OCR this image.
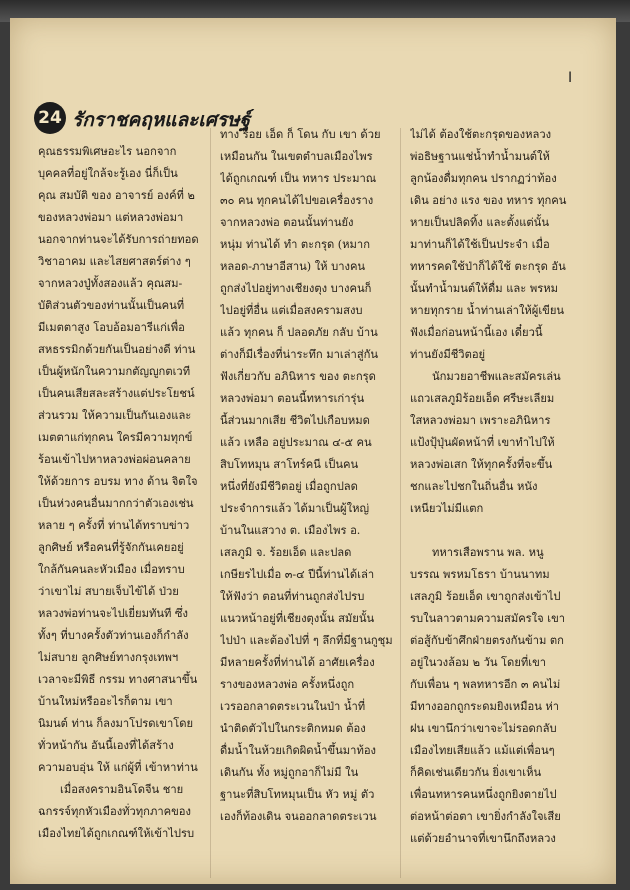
I
24 รักราชคฤหและเศรษฐ์
คุณธรรมพิเศษอะไร นอกจาก
บุคคลที่อยู่ใกล้จะรู้เอง นี่ก็เป็น
คุณ สมบัติ ของ อาจารย์ องค์ที่ ๒
ของหลวงพ่อมา แต่หลวงพ่อมา
นอกจากท่านจะได้รับการถ่ายทอด
วิชาอาคม และไสยศาสตร์ต่าง ๆ
จากหลวงปู่ทั้งสองแล้ว คุณสม-
บัติส่วนตัวของท่านนั้นเป็นคนที่
มีเมตตาสูง โอบอ้อมอารีแก่เพื่อ
สหธรรมิกด้วยกันเป็นอย่างดี ท่าน
เป็นผู้หนักในความกตัญญูกตเวที
เป็นคนเสียสละสร้างแต่ประโยชน์
ส่วนรวม ให้ความเป็นกันเองและ
เมตตาแก่ทุกคน ใครมีความทุกข์
ร้อนเข้าไปหาหลวงพ่อผ่อนคลาย
ให้ด้วยการ อบรม ทาง ด้าน จิตใจ
เป็นห่วงคนอื่นมากกว่าตัวเองเช่น
หลาย ๆ ครั้งที่ ท่านได้ทราบข่าว
ลูกศิษย์ หรือคนที่รู้จักกันเคยอยู่
ใกล้กันคนละหัวเมือง เมื่อทราบ
ว่าเขาไม่ สบายเจ็บไข้ได้ ป่วย
หลวงพ่อท่านจะไปเยี่ยมทันที ซึ่ง
ทั้งๆ ที่บางครั้งตัวท่านเองก็กำลัง
ไม่สบาย ลูกศิษย์ทางกรุงเทพฯ
เวลาจะมีพิธี กรรม ทางศาสนาขึ้น
บ้านใหม่หรืออะไรก็ตาม เขา
นิมนต์ ท่าน ก็ลงมาโปรดเขาโดย
ทั่วหน้ากัน อันนี้เองที่ได้สร้าง
ความอบอุ่น ให้ แก่ผู้ที่ เข้าหาท่าน
เมื่อสงครามอินโดจีน ชาย
ฉกรรจ์ทุกหัวเมืองทั่วทุกภาคของ
เมืองไทยได้ถูกเกณฑ์ให้เข้าไปรบ
ทาง ร้อย เอ็ด ก็ โดน กับ เขา ด้วย
เหมือนกัน ในเขตตำบลเมืองไพร
ได้ถูกเกณฑ์ เป็น ทหาร ประมาณ
๓๐ คน ทุกคนได้ไปขอเครื่องราง
จากหลวงพ่อ ตอนนั้นท่านยัง
หนุ่ม ท่านได้ ทำ ตะกรุด (หมาก
หลอด-ภาษาอีสาน) ให้ บางคน
ถูกส่งไปอยู่ทางเชียงตุง บางคนก็
ไปอยู่ที่อื่น แต่เมื่อสงครามสงบ
แล้ว ทุกคน ก็ ปลอดภัย กลับ บ้าน
ต่างก็มีเรื่องที่น่าระทึก มาเล่าสู่กัน
ฟังเกี่ยวกับ อภินิหาร ของ ตะกรุด
หลวงพ่อมา ตอนนี้ทหารเก่ารุ่น
นี้ส่วนมากเสีย ชีวิตไปเกือบหมด
แล้ว เหลือ อยู่ประมาณ ๔-๕ คน
สิบโทหมุน สาโทร์คนี เป็นคน
หนึ่งที่ยังมีชีวิตอยู่ เมื่อถูกปลด
ประจำการแล้ว ได้มาเป็นผู้ใหญ่
บ้านในแสวาง ต. เมืองไพร อ.
เสลภูมิ จ. ร้อยเอ็ด และปลด
เกษียรไปเมื่อ ๓-๔ ปีนี้ท่านได้เล่า
ให้ฟังว่า ตอนที่ท่านถูกส่งไปรบ
แนวหน้าอยู่ที่เชียงตุงนั้น สมัยนั้น
ไปป่า และต้องไปที่ ๆ ลึกที่มีฐานกูชุม
มีหลายครั้งที่ท่านได้ อาศัยเครื่อง
รางของหลวงพ่อ ครั้งหนึ่งถูก
เวรออกลาดตระเวนในป่า น้ำที่
นำติดตัวไปในกระติกหมด ต้อง
ดื่มน้ำในห้วยเกิดผิดน้ำขึ้นมาท้อง
เดินกัน ทั้ง หมู่ถูกอาก็ไม่มี ใน
ฐานะที่สิบโทหมุนเป็น หัว หมู่ ตัว
เองก็ท้องเดิน จนออกลาดตระเวน
ไม่ได้ ต้องใช้ตะกรุดของหลวง
พ่อธิษฐานแช่น้ำทำน้ำมนต์ให้
ลูกน้องดื่มทุกคน ปรากฏว่าท้อง
เดิน อย่าง แรง ของ ทหาร ทุกคน
หายเป็นปลิดทิ้ง และตั้งแต่นั้น
มาท่านก็ได้ใช้เป็นประจำ เมื่อ
ทหารคดใช้ป่าก็ได้ใช้ ตะกรุด อัน
นั้นทำน้ำมนต์ให้ดื่ม และ พรหม
หายทุกราย น้ำท่านเล่าให้ผู้เขียน
ฟังเมื่อก่อนหน้านี้เอง เดี๋ยวนี้
ท่านยังมีชีวิตอยู่
นักมวยอาชีพและสมัครเล่น
แถวเสลภูมิร้อยเอ็ด ศรีษะเลียม
ใสหลวงพ่อมา เพราะอภินิหาร
แป้งปุ้ปุ่นผัดหน้าที่ เขาทำไปให้
หลวงพ่อเสก ให้ทุกครั้งที่จะขึ้น
ชกและไปชกในถิ่นอื่น หนัง
เหนียวไม่มีแตก
ทหารเสือพราน พล. หนู
บรรณ พรหมโธรา บ้านนาทม
เสลภูมิ ร้อยเอ็ด เขาถูกส่งเข้าไป
รบในลาวตามความสมัครใจ เขา
ต่อสู้กับข้าศึกฝ่ายตรงกันข้าม ตก
อยู่ในวงล้อม ๒ วัน โดยที่เขา
กับเพื่อน ๆ พลทหารอีก ๓ คนไม่
มีทางออกถูกระดมยิงเหมือน ห่า
ฝน เขานึกว่าเขาจะไม่รอดกลับ
เมืองไทยเสียแล้ว แม้แต่เพื่อนๆ
ก็คิดเช่นเดียวกัน ยิ่งเขาเห็น
เพื่อนทหารคนหนึ่งถูกยิงตายไป
ต่อหน้าต่อตา เขายิ่งกำลังใจเสีย
แต่ด้วยอำนาจที่เขานึกถึงหลวง
